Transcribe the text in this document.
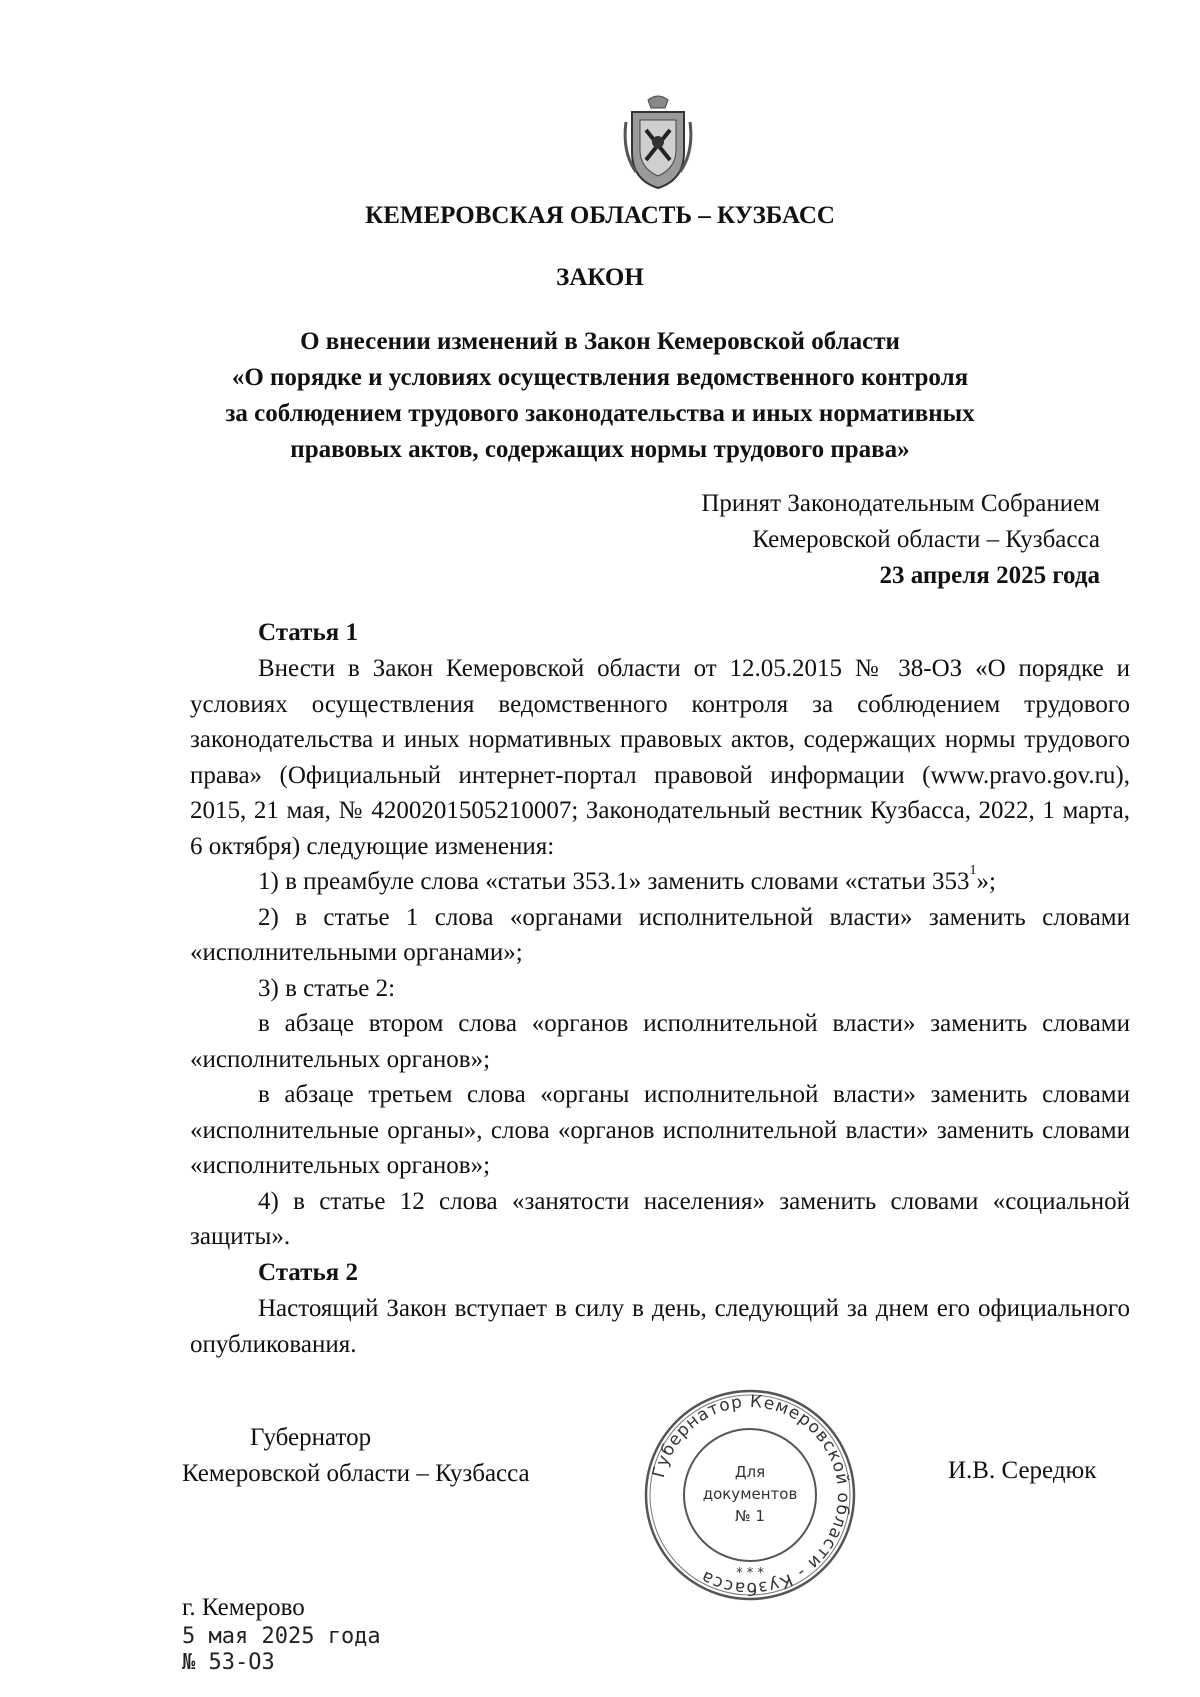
КЕМЕРОВСКАЯ ОБЛАСТЬ – КУЗБАСС
ЗАКОН
О внесении изменений в Закон Кемеровской области
«О порядке и условиях осуществления ведомственного контроля
за соблюдением трудового законодательства и иных нормативных
правовых актов, содержащих нормы трудового права»
Принят Законодательным Собранием
Кемеровской области – Кузбасса
23 апреля 2025 года
Статья 1

Внести в Закон Кемеровской области от 12.05.2015 № 38-ОЗ «О порядке и условиях осуществления ведомственного контроля за соблюдением трудового законодательства и иных нормативных правовых актов, содержащих нормы трудового права» (Официальный интернет-портал правовой информации (www.pravo.gov.ru), 2015, 21 мая, № 4200201505210007; Законодательный вестник Кузбасса, 2022, 1 марта, 6 октября) следующие изменения:

1) в преамбуле слова «статьи 353.1» заменить словами «статьи $353^1$»;

2) в статье 1 слова «органами исполнительной власти» заменить словами «исполнительными органами»;

3) в статье 2:

в абзаце втором слова «органов исполнительной власти» заменить словами «исполнительных органов»;

в абзаце третьем слова «органы исполнительной власти» заменить словами «исполнительные органы», слова «органов исполнительной власти» заменить словами «исполнительных органов»;

4) в статье 12 слова «занятости населения» заменить словами «социальной защиты».

Статья 2

Настоящий Закон вступает в силу в день, следующий за днем его официального опубликования.

Губернатор
Кемеровской области – Кузбасса	Губернатор Кемеровской области - Кузбасса
Для
документов
№ 1
* * *
И.В. Середюк
г. Кемерово
5 мая 2025 года
№ 53-ОЗ
